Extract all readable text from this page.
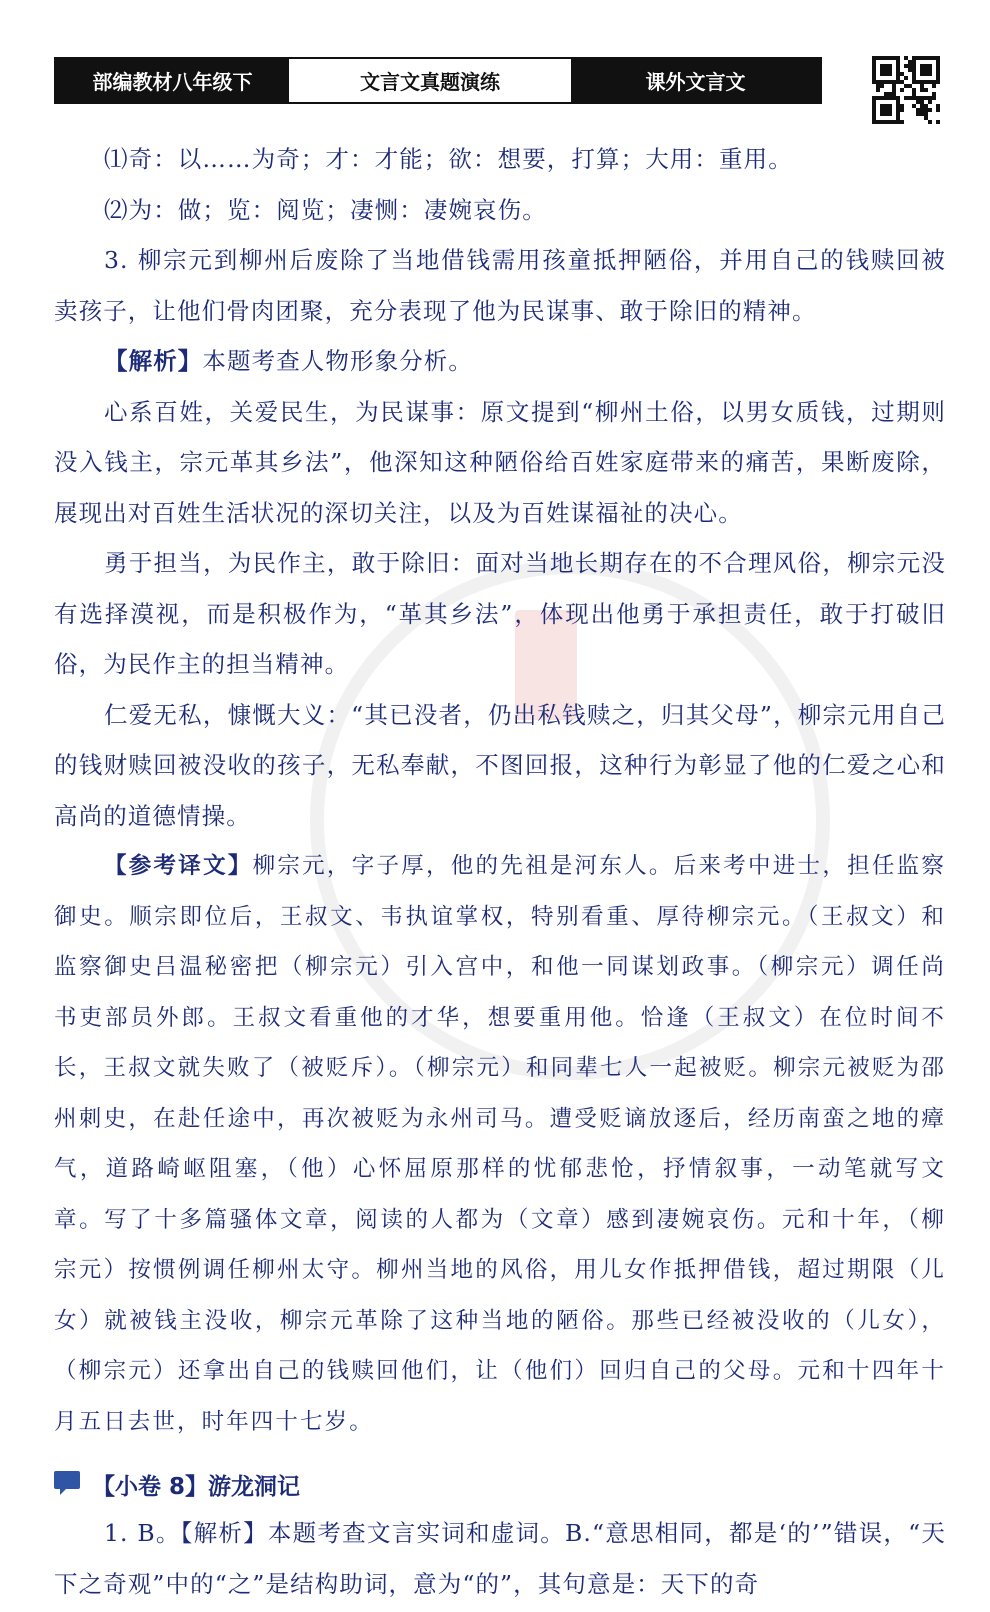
部编教材八年级下	文言文真题演练	课外文言文

⑴奇：以……为奇；才：才能；欲：想要，打算；大用：重用。

⑵为：做；览：阅览；凄恻：凄婉哀伤。

3. 柳宗元到柳州后废除了当地借钱需用孩童抵押陋俗，并用自己的钱赎回被卖孩子，让他们骨肉团聚，充分表现了他为民谋事、敢于除旧的精神。

【解析】本题考查人物形象分析。

心系百姓，关爱民生，为民谋事：原文提到“柳州土俗，以男女质钱，过期则没入钱主，宗元革其乡法”，他深知这种陋俗给百姓家庭带来的痛苦，果断废除，展现出对百姓生活状况的深切关注，以及为百姓谋福祉的决心。

勇于担当，为民作主，敢于除旧：面对当地长期存在的不合理风俗，柳宗元没有选择漠视，而是积极作为，“革其乡法”，体现出他勇于承担责任，敢于打破旧俗，为民作主的担当精神。

仁爱无私，慷慨大义：“其已没者，仍出私钱赎之，归其父母”，柳宗元用自己的钱财赎回被没收的孩子，无私奉献，不图回报，这种行为彰显了他的仁爱之心和高尚的道德情操。

【参考译文】柳宗元，字子厚，他的先祖是河东人。后来考中进士，担任监察御史。顺宗即位后，王叔文、韦执谊掌权，特别看重、厚待柳宗元。（王叔文）和监察御史吕温秘密把（柳宗元）引入宫中，和他一同谋划政事。（柳宗元）调任尚书吏部员外郎。王叔文看重他的才华，想要重用他。恰逢（王叔文）在位时间不长，王叔文就失败了（被贬斥）。（柳宗元）和同辈七人一起被贬。柳宗元被贬为邵州刺史，在赴任途中，再次被贬为永州司马。遭受贬谪放逐后，经历南蛮之地的瘴气，道路崎岖阻塞，（他）心怀屈原那样的忧郁悲怆，抒情叙事，一动笔就写文章。写了十多篇骚体文章，阅读的人都为（文章）感到凄婉哀伤。元和十年，（柳宗元）按惯例调任柳州太守。柳州当地的风俗，用儿女作抵押借钱，超过期限（儿女）就被钱主没收，柳宗元革除了这种当地的陋俗。那些已经被没收的（儿女），（柳宗元）还拿出自己的钱赎回他们，让（他们）回归自己的父母。元和十四年十月五日去世，时年四十七岁。

【小卷 8】游龙洞记

1. B。【解析】本题考查文言实词和虚词。B.“意思相同，都是‘的’”错误，“天下之奇观”中的“之”是结构助词，意为“的”，其句意是：天下的奇
